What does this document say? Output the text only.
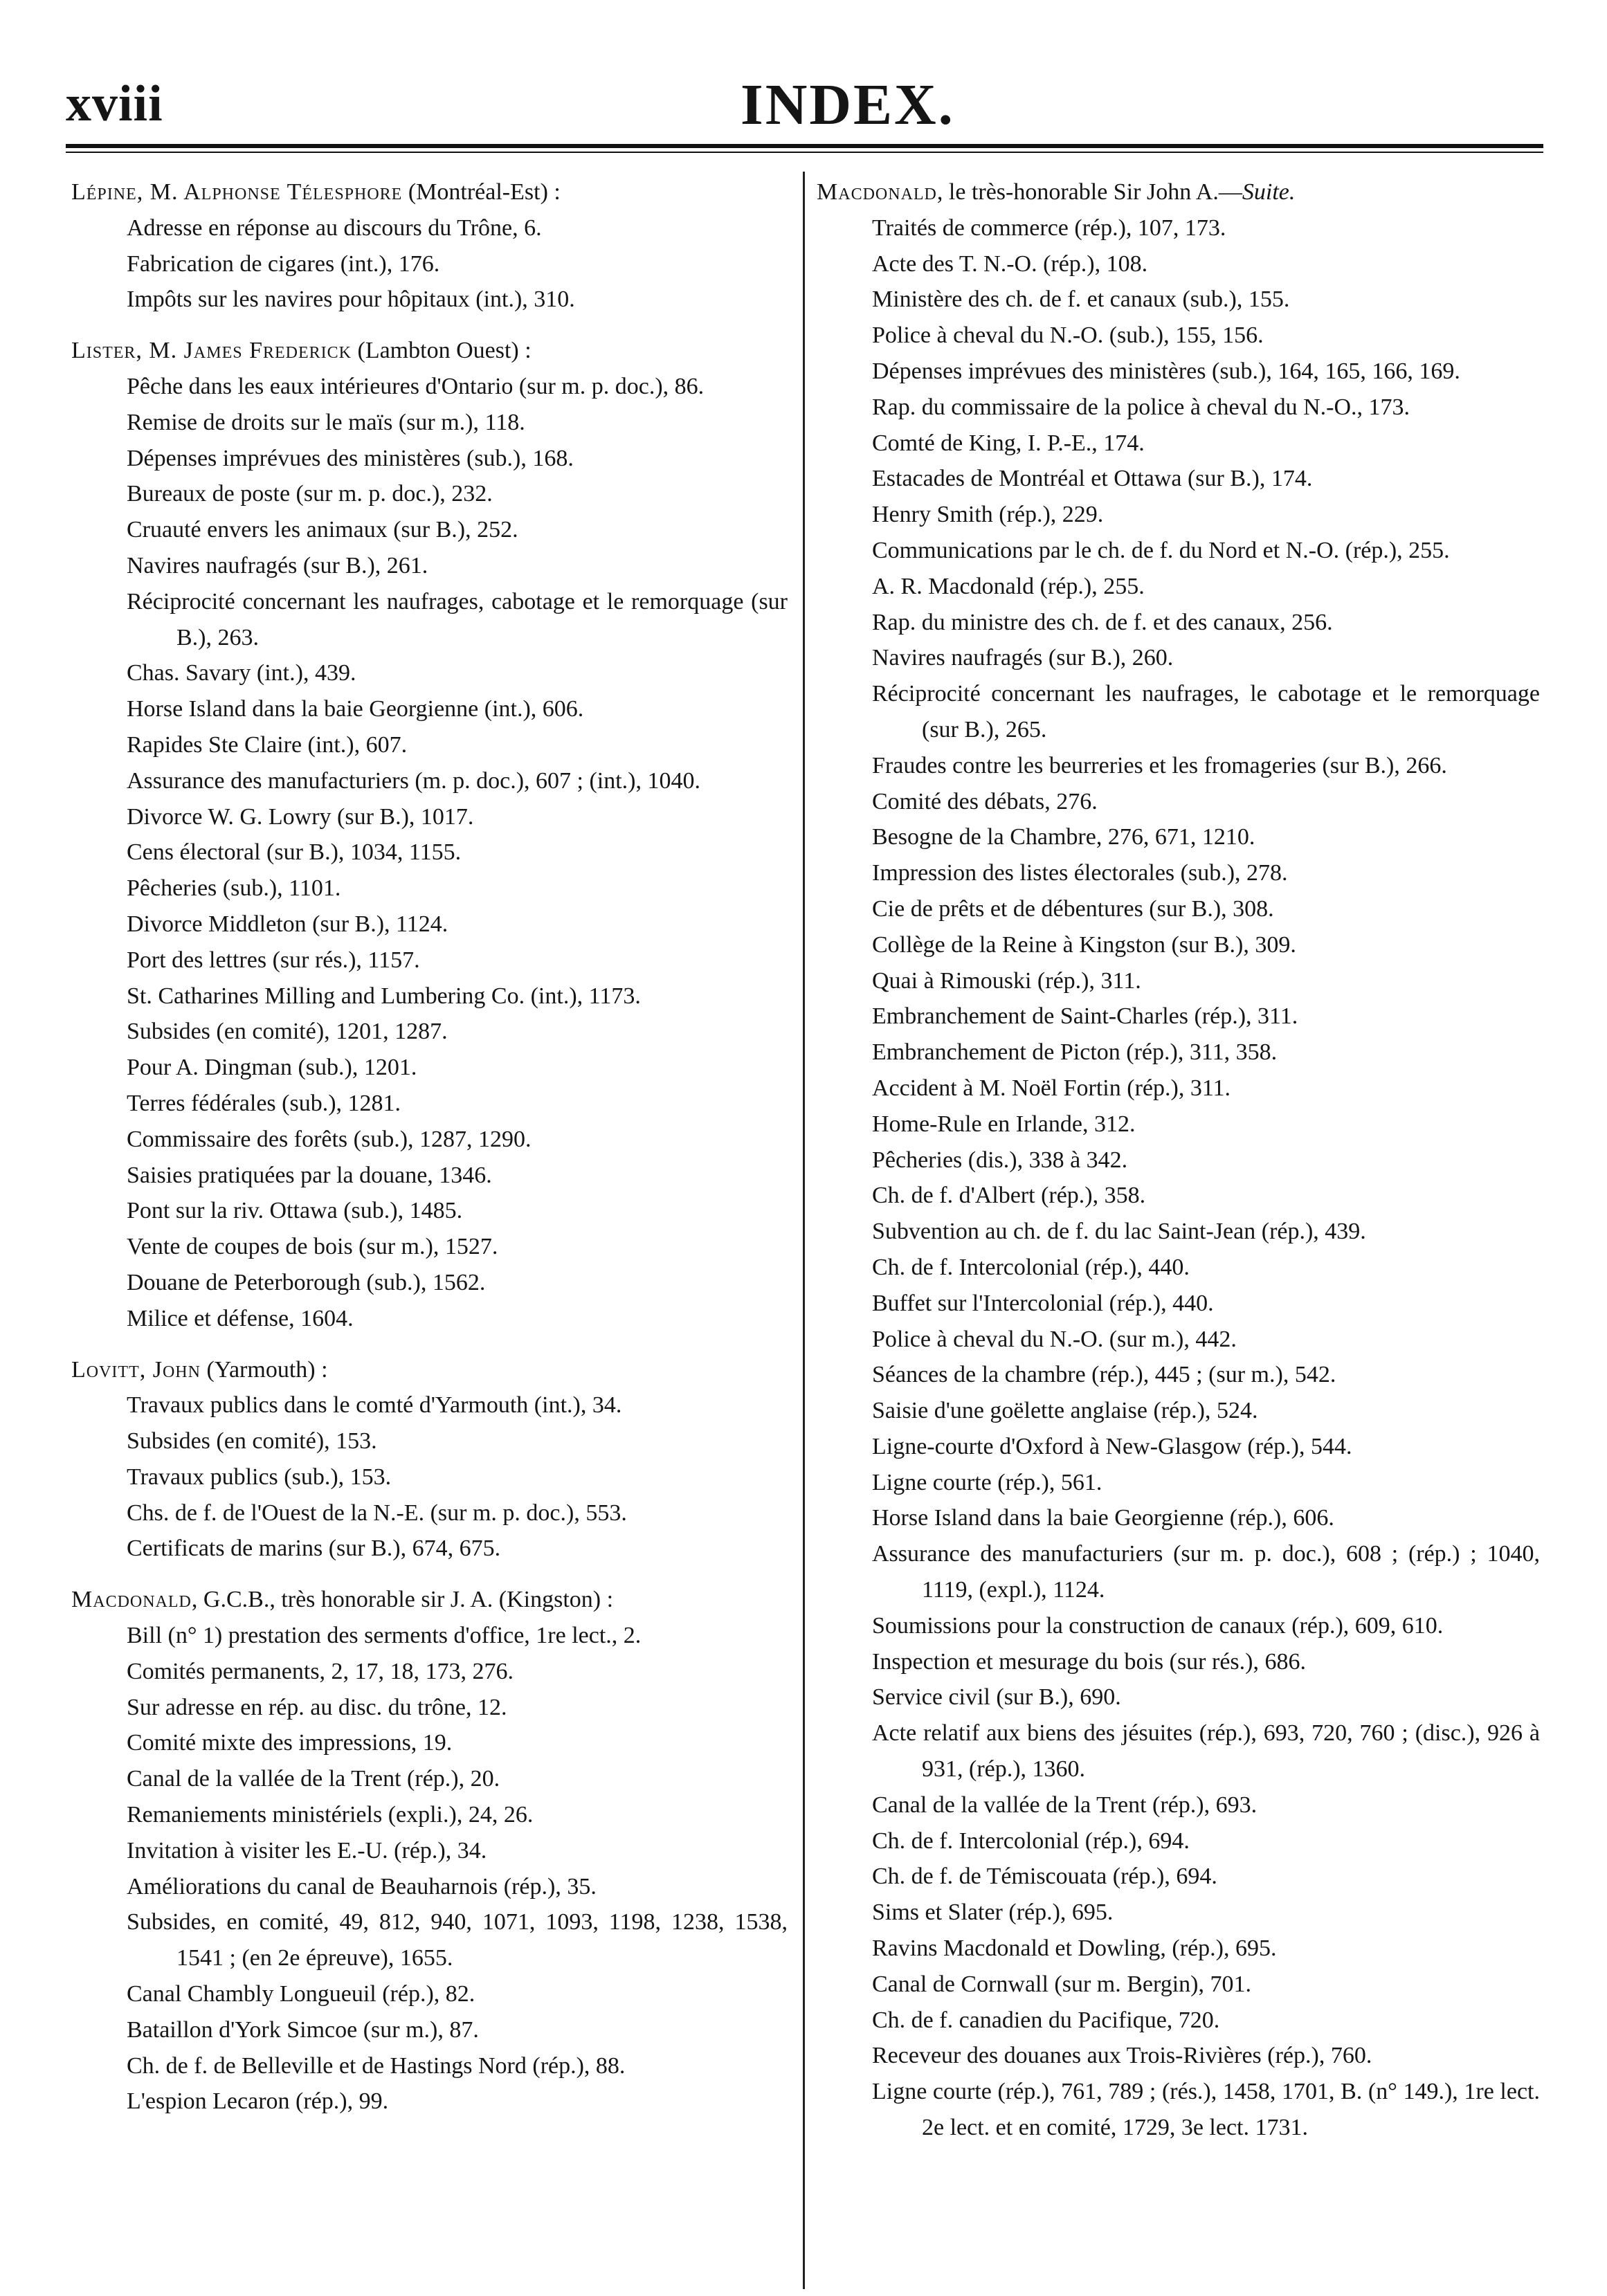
xviii	INDEX.
Lépine, M. Alphonse Télesphore (Montréal-Est) :
Adresse en réponse au discours du Trône, 6.
Fabrication de cigares (int.), 176.
Impôts sur les navires pour hôpitaux (int.), 310.
Lister, M. James Frederick (Lambton Ouest) :
Pêche dans les eaux intérieures d'Ontario (sur m. p. doc.), 86.
Remise de droits sur le maïs (sur m.), 118.
Dépenses imprévues des ministères (sub.), 168.
Bureaux de poste (sur m. p. doc.), 232.
Cruauté envers les animaux (sur B.), 252.
Navires naufragés (sur B.), 261.
Réciprocité concernant les naufrages, cabotage et le remorquage (sur B.), 263.
Chas. Savary (int.), 439.
Horse Island dans la baie Georgienne (int.), 606.
Rapides Ste Claire (int.), 607.
Assurance des manufacturiers (m. p. doc.), 607 ; (int.), 1040.
Divorce W. G. Lowry (sur B.), 1017.
Cens électoral (sur B.), 1034, 1155.
Pêcheries (sub.), 1101.
Divorce Middleton (sur B.), 1124.
Port des lettres (sur rés.), 1157.
St. Catharines Milling and Lumbering Co. (int.), 1173.
Subsides (en comité), 1201, 1287.
Pour A. Dingman (sub.), 1201.
Terres fédérales (sub.), 1281.
Commissaire des forêts (sub.), 1287, 1290.
Saisies pratiquées par la douane, 1346.
Pont sur la riv. Ottawa (sub.), 1485.
Vente de coupes de bois (sur m.), 1527.
Douane de Peterborough (sub.), 1562.
Milice et défense, 1604.
Lovitt, John (Yarmouth) :
Travaux publics dans le comté d'Yarmouth (int.), 34.
Subsides (en comité), 153.
Travaux publics (sub.), 153.
Chs. de f. de l'Ouest de la N.-E. (sur m. p. doc.), 553.
Certificats de marins (sur B.), 674, 675.
Macdonald, G.C.B., très honorable sir J. A. (Kingston) :
Bill (n° 1) prestation des serments d'office, 1re lect., 2.
Comités permanents, 2, 17, 18, 173, 276.
Sur adresse en rép. au disc. du trône, 12.
Comité mixte des impressions, 19.
Canal de la vallée de la Trent (rép.), 20.
Remaniements ministériels (expli.), 24, 26.
Invitation à visiter les E.-U. (rép.), 34.
Améliorations du canal de Beauharnois (rép.), 35.
Subsides, en comité, 49, 812, 940, 1071, 1093, 1198, 1238, 1538, 1541 ; (en 2e épreuve), 1655.
Canal Chambly Longueuil (rép.), 82.
Bataillon d'York Simcoe (sur m.), 87.
Ch. de f. de Belleville et de Hastings Nord (rép.), 88.
L'espion Lecaron (rép.), 99.
Macdonald, le très-honorable Sir John A.—Suite.
Traités de commerce (rép.), 107, 173.
Acte des T. N.-O. (rép.), 108.
Ministère des ch. de f. et canaux (sub.), 155.
Police à cheval du N.-O. (sub.), 155, 156.
Dépenses imprévues des ministères (sub.), 164, 165, 166, 169.
Rap. du commissaire de la police à cheval du N.-O., 173.
Comté de King, I. P.-E., 174.
Estacades de Montréal et Ottawa (sur B.), 174.
Henry Smith (rép.), 229.
Communications par le ch. de f. du Nord et N.-O. (rép.), 255.
A. R. Macdonald (rép.), 255.
Rap. du ministre des ch. de f. et des canaux, 256.
Navires naufragés (sur B.), 260.
Réciprocité concernant les naufrages, le cabotage et le remorquage (sur B.), 265.
Fraudes contre les beurreries et les fromageries (sur B.), 266.
Comité des débats, 276.
Besogne de la Chambre, 276, 671, 1210.
Impression des listes électorales (sub.), 278.
Cie de prêts et de débentures (sur B.), 308.
Collège de la Reine à Kingston (sur B.), 309.
Quai à Rimouski (rép.), 311.
Embranchement de Saint-Charles (rép.), 311.
Embranchement de Picton (rép.), 311, 358.
Accident à M. Noël Fortin (rép.), 311.
Home-Rule en Irlande, 312.
Pêcheries (dis.), 338 à 342.
Ch. de f. d'Albert (rép.), 358.
Subvention au ch. de f. du lac Saint-Jean (rép.), 439.
Ch. de f. Intercolonial (rép.), 440.
Buffet sur l'Intercolonial (rép.), 440.
Police à cheval du N.-O. (sur m.), 442.
Séances de la chambre (rép.), 445 ; (sur m.), 542.
Saisie d'une goëlette anglaise (rép.), 524.
Ligne-courte d'Oxford à New-Glasgow (rép.), 544.
Ligne courte (rép.), 561.
Horse Island dans la baie Georgienne (rép.), 606.
Assurance des manufacturiers (sur m. p. doc.), 608 ; (rép.) ; 1040, 1119, (expl.), 1124.
Soumissions pour la construction de canaux (rép.), 609, 610.
Inspection et mesurage du bois (sur rés.), 686.
Service civil (sur B.), 690.
Acte relatif aux biens des jésuites (rép.), 693, 720, 760 ; (disc.), 926 à 931, (rép.), 1360.
Canal de la vallée de la Trent (rép.), 693.
Ch. de f. Intercolonial (rép.), 694.
Ch. de f. de Témiscouata (rép.), 694.
Sims et Slater (rép.), 695.
Ravins Macdonald et Dowling, (rép.), 695.
Canal de Cornwall (sur m. Bergin), 701.
Ch. de f. canadien du Pacifique, 720.
Receveur des douanes aux Trois-Rivières (rép.), 760.
Ligne courte (rép.), 761, 789 ; (rés.), 1458, 1701, B. (n° 149.), 1re lect. 2e lect. et en comité, 1729, 3e lect. 1731.
